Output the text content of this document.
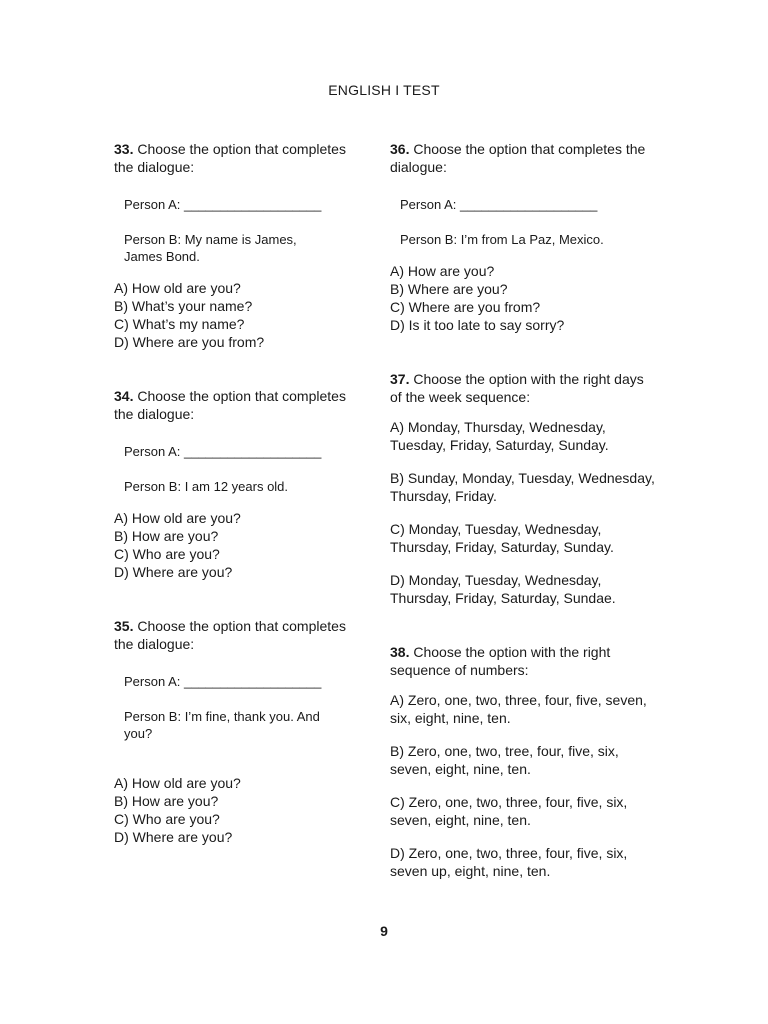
ENGLISH I TEST
33. Choose the option that completes the dialogue:
Person A: ___________________
Person B: My name is James, James Bond.
A) How old are you?
B) What’s your name?
C) What’s my name?
D) Where are you from?
34. Choose the option that completes the dialogue:
Person A: ___________________
Person B: I am 12 years old.
A) How old are you?
B) How are you?
C) Who are you?
D) Where are you?
35. Choose the option that completes the dialogue:
Person A: ___________________
Person B: I’m fine, thank you. And you?
A) How old are you?
B) How are you?
C) Who are you?
D) Where are you?
36. Choose the option that completes the dialogue:
Person A: ___________________
Person B: I’m from La Paz, Mexico.
A) How are you?
B) Where are you?
C) Where are you from?
D) Is it too late to say sorry?
37. Choose the option with the right days of the week sequence:
A) Monday, Thursday, Wednesday, Tuesday, Friday, Saturday, Sunday.
B) Sunday, Monday, Tuesday, Wednesday, Thursday, Friday.
C) Monday, Tuesday, Wednesday, Thursday, Friday, Saturday, Sunday.
D) Monday, Tuesday, Wednesday, Thursday, Friday, Saturday, Sundae.
38. Choose the option with the right sequence of numbers:
A) Zero, one, two, three, four, five, seven, six, eight, nine, ten.
B) Zero, one, two, tree, four, five, six, seven, eight, nine, ten.
C) Zero, one, two, three, four, five, six, seven, eight, nine, ten.
D) Zero, one, two, three, four, five, six, seven up, eight, nine, ten.
9
